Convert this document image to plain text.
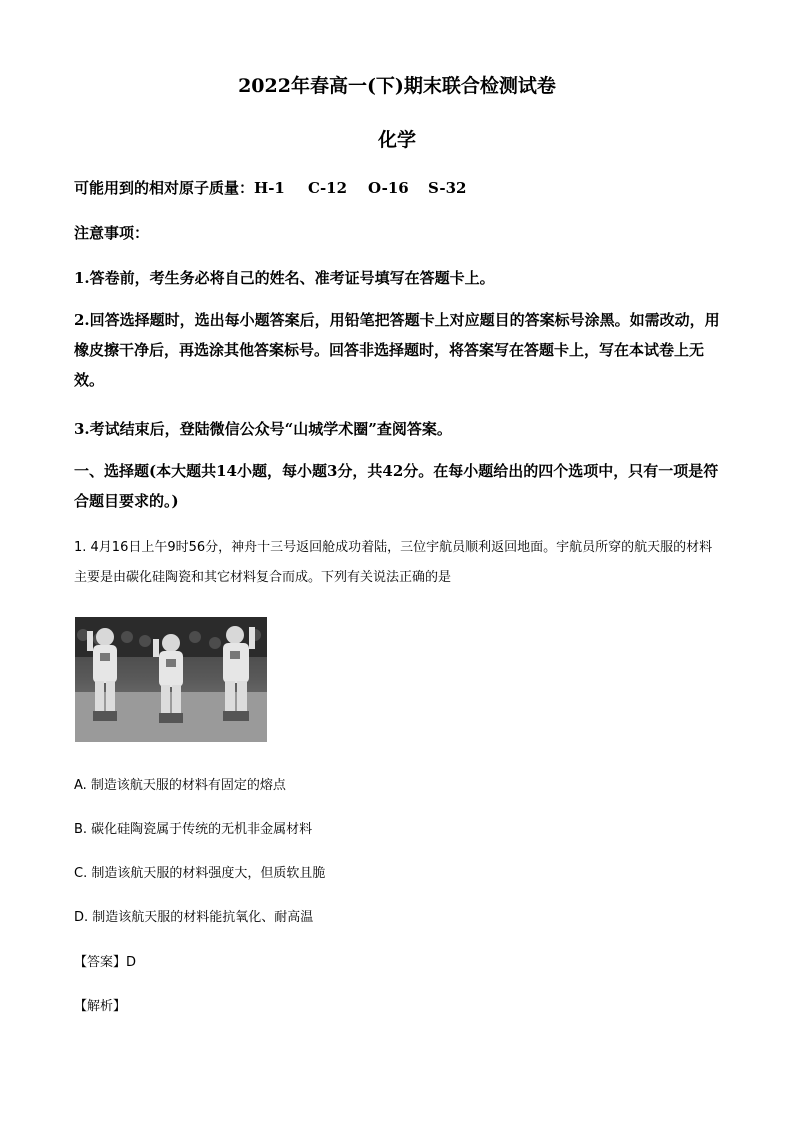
2022年春高一(下)期末联合检测试卷
化学
可能用到的相对原子质量：H-1 C-12 O-16 S-32
注意事项：
1.答卷前，考生务必将自己的姓名、准考证号填写在答题卡上。
2.回答选择题时，选出每小题答案后，用铅笔把答题卡上对应题目的答案标号涂黑。如需改动，用橡皮擦干净后，再选涂其他答案标号。回答非选择题时，将答案写在答题卡上，写在本试卷上无效。
3.考试结束后，登陆微信公众号“山城学术圈”查阅答案。
一、选择题(本大题共14小题，每小题3分，共42分。在每小题给出的四个选项中，只有一项是符合题目要求的。)
1. 4月16日上午9时56分，神舟十三号返回舱成功着陆，三位宇航员顺利返回地面。宇航员所穿的航天服的材料主要是由碳化硅陶瓷和其它材料复合而成。下列有关说法正确的是
A. 制造该航天服的材料有固定的熔点
B. 碳化硅陶瓷属于传统的无机非金属材料
C. 制造该航天服的材料强度大，但质软且脆
D. 制造该航天服的材料能抗氧化、耐高温
【答案】D
【解析】
